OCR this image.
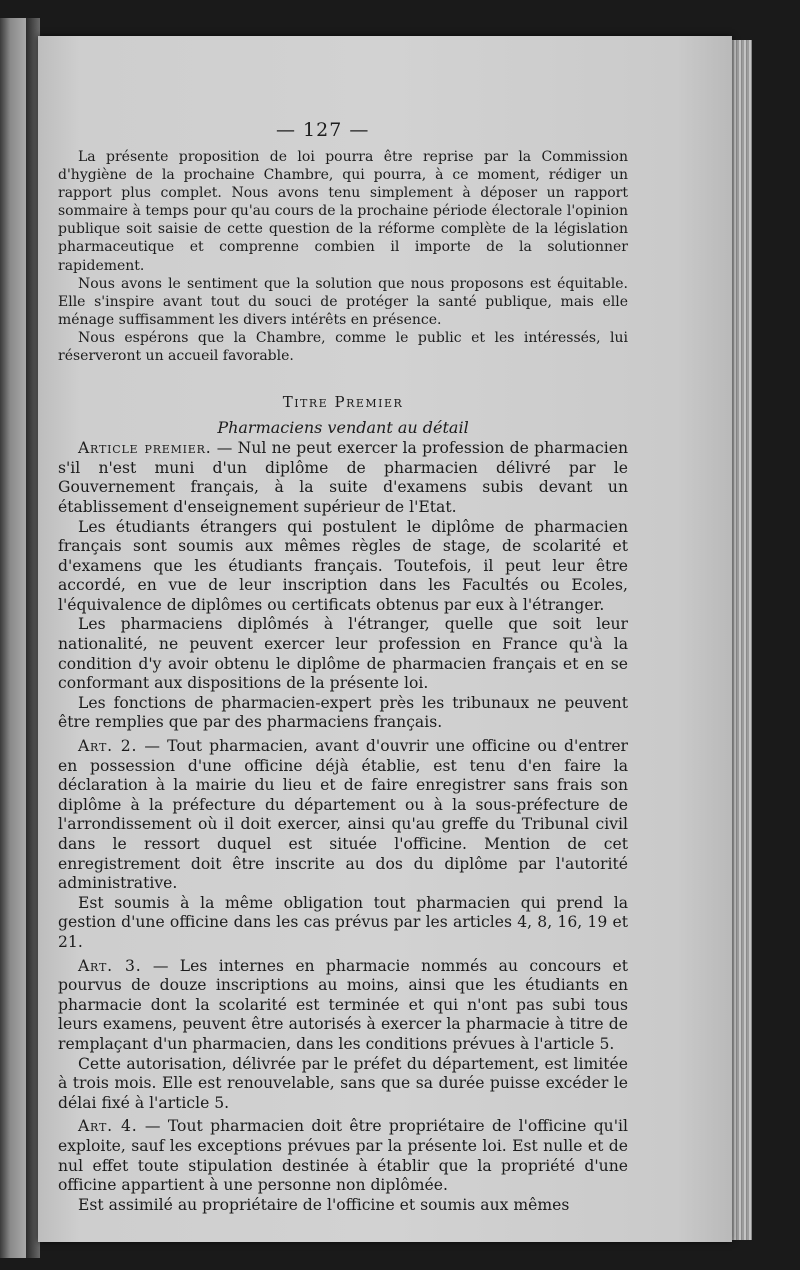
— 127 —

La présente proposition de loi pourra être reprise par la Commission d'hygiène de la prochaine Chambre, qui pourra, à ce moment, rédiger un rapport plus complet. Nous avons tenu simplement à déposer un rapport sommaire à temps pour qu'au cours de la prochaine période électorale l'opinion publique soit saisie de cette question de la réforme complète de la législation pharmaceutique et comprenne combien il importe de la solutionner rapidement.

Nous avons le sentiment que la solution que nous proposons est équitable. Elle s'inspire avant tout du souci de protéger la santé publique, mais elle ménage suffisamment les divers intérêts en présence.

Nous espérons que la Chambre, comme le public et les intéressés, lui réserveront un accueil favorable.

Titre Premier
Pharmaciens vendant au détail

Article premier. — Nul ne peut exercer la profession de pharmacien s'il n'est muni d'un diplôme de pharmacien délivré par le Gouvernement français, à la suite d'examens subis devant un établissement d'enseignement supérieur de l'Etat.

Les étudiants étrangers qui postulent le diplôme de pharmacien français sont soumis aux mêmes règles de stage, de scolarité et d'examens que les étudiants français. Toutefois, il peut leur être accordé, en vue de leur inscription dans les Facultés ou Ecoles, l'équivalence de diplômes ou certificats obtenus par eux à l'étranger.

Les pharmaciens diplômés à l'étranger, quelle que soit leur nationalité, ne peuvent exercer leur profession en France qu'à la condition d'y avoir obtenu le diplôme de pharmacien français et en se conformant aux dispositions de la présente loi.

Les fonctions de pharmacien-expert près les tribunaux ne peuvent être remplies que par des pharmaciens français.

Art. 2. — Tout pharmacien, avant d'ouvrir une officine ou d'entrer en possession d'une officine déjà établie, est tenu d'en faire la déclaration à la mairie du lieu et de faire enregistrer sans frais son diplôme à la préfecture du département ou à la sous-préfecture de l'arrondissement où il doit exercer, ainsi qu'au greffe du Tribunal civil dans le ressort duquel est située l'officine. Mention de cet enregistrement doit être inscrite au dos du diplôme par l'autorité administrative.

Est soumis à la même obligation tout pharmacien qui prend la gestion d'une officine dans les cas prévus par les articles 4, 8, 16, 19 et 21.

Art. 3. — Les internes en pharmacie nommés au concours et pourvus de douze inscriptions au moins, ainsi que les étudiants en pharmacie dont la scolarité est terminée et qui n'ont pas subi tous leurs examens, peuvent être autorisés à exercer la pharmacie à titre de remplaçant d'un pharmacien, dans les conditions prévues à l'article 5.

Cette autorisation, délivrée par le préfet du département, est limitée à trois mois. Elle est renouvelable, sans que sa durée puisse excéder le délai fixé à l'article 5.

Art. 4. — Tout pharmacien doit être propriétaire de l'officine qu'il exploite, sauf les exceptions prévues par la présente loi. Est nulle et de nul effet toute stipulation destinée à établir que la propriété d'une officine appartient à une personne non diplômée.

Est assimilé au propriétaire de l'officine et soumis aux mêmes
